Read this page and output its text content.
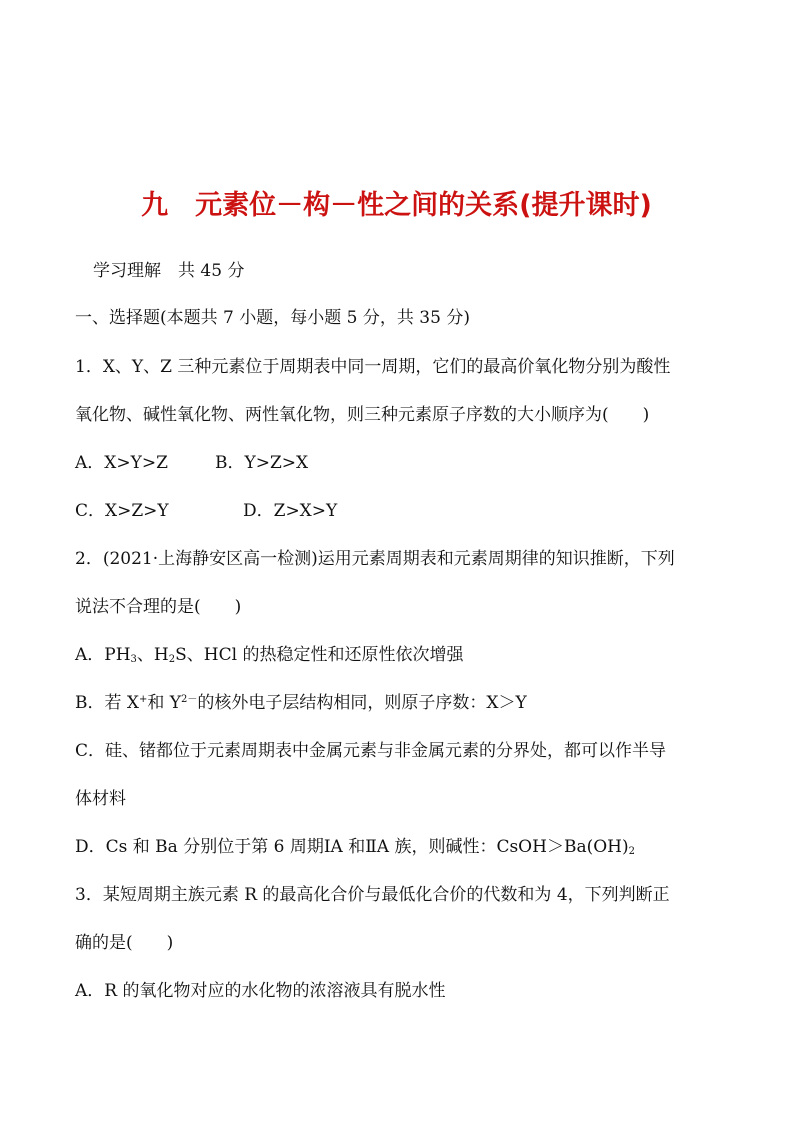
九　元素位－构－性之间的关系(提升课时)
学习理解　共 45 分
一、选择题(本题共 7 小题，每小题 5 分，共 35 分)
1．X、Y、Z 三种元素位于周期表中同一周期，它们的最高价氧化物分别为酸性
氧化物、碱性氧化物、两性氧化物，则三种元素原子序数的大小顺序为(　　)
A．X>Y>Z	B．Y>Z>X
C．X>Z>Y	D．Z>X>Y
2．(2021·上海静安区高一检测)运用元素周期表和元素周期律的知识推断，下列
说法不合理的是(　　)
A．$PH_3$、$H_2S$、HCl 的热稳定性和还原性依次增强
B．若 X+和 $Y^{2-}$的核外电子层结构相同，则原子序数：X＞Y
C．硅、锗都位于元素周期表中金属元素与非金属元素的分界处，都可以作半导
体材料
D．Cs 和 Ba 分别位于第 6 周期ⅠA 和ⅡA 族，则碱性：$CsOH>Ba(OH)_2$
3．某短周期主族元素 R 的最高化合价与最低化合价的代数和为 4，下列判断正
确的是(　　)
A．R 的氧化物对应的水化物的浓溶液具有脱水性
